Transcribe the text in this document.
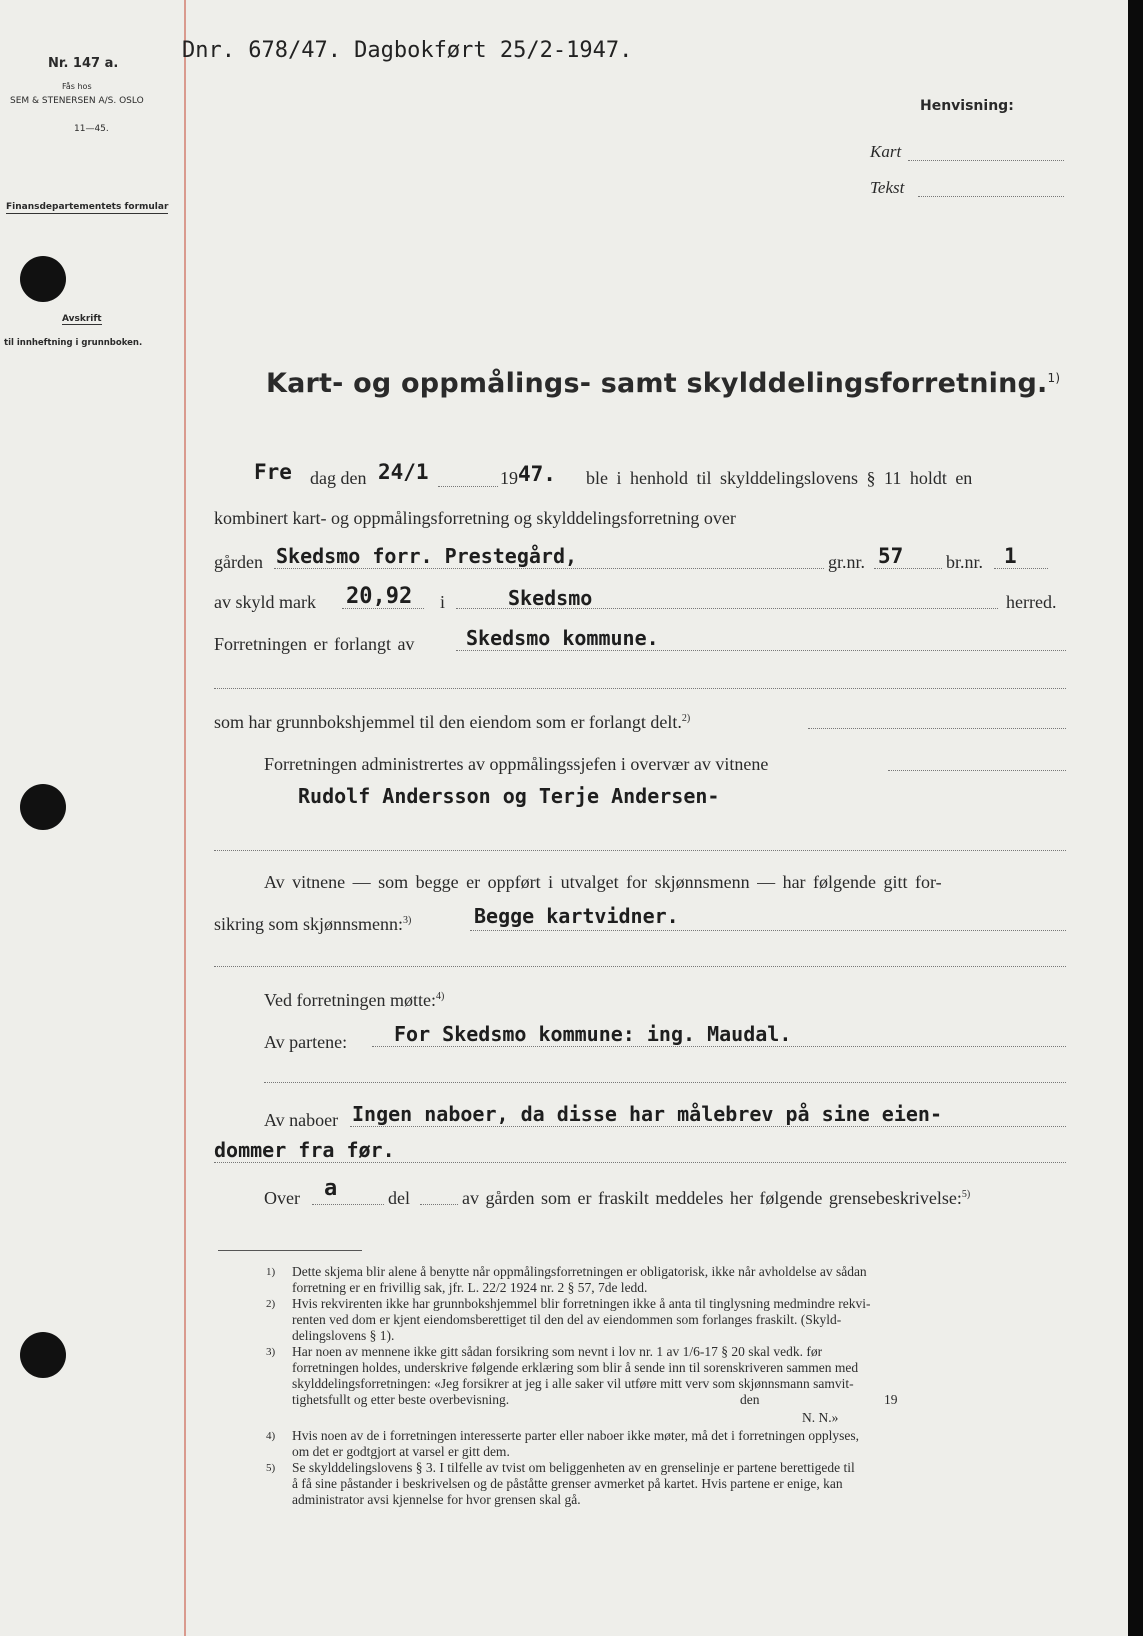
Nr. 147 a.
Fås hos
SEM & STENERSEN A/S. OSLO
11—45.
Finansdepartementets formular
Avskrift
til innheftning i grunnboken.
Dnr. 678/47. Dagbokført 25/2-1947.
Henvisning:
Kart
Tekst
Kart- og oppmålings- samt skylddelingsforretning.$^{1)}$
Fre dag den 24/1	19 47. ble i henhold til skylddelingslovens § 11 holdt en
kombinert kart- og oppmålingsforretning og skylddelingsforretning over
gården Skedsmo forr. Prestegård,	gr.nr. 57 br.nr. 1
av skyld mark 20,92 i	Skedsmo	herred.
Forretningen er forlangt av	Skedsmo kommune.
som har grunnbokshjemmel til den eiendom som er forlangt delt.$^{2)}$
Forretningen administrertes av oppmålingssjefen i overvær av vitnene
Rudolf Andersson og Terje Andersen-
Av vitnene — som begge er oppført i utvalget for skjønnsmenn — har følgende gitt for-
sikring som skjønnsmenn:$^{3)}$	Begge kartvidner.
Ved forretningen møtte:$^{4)}$
Av partene: For Skedsmo kommune: ing. Maudal.
Av naboer Ingen naboer, da disse har målebrev på sine eien-
dommer fra før.
Over a	del	av gården som er fraskilt meddeles her følgende grensebeskrivelse:$^{5)}$
1) Dette skjema blir alene å benytte når oppmålingsforretningen er obligatorisk, ikke når avholdelse av sådan
forretning er en frivillig sak, jfr. L. 22/2 1924 nr. 2 § 57, 7de ledd.
2) Hvis rekvirenten ikke har grunnbokshjemmel blir forretningen ikke å anta til tinglysning medmindre rekvi-
renten ved dom er kjent eiendomsberettiget til den del av eiendommen som forlanges fraskilt. (Skyld-
delingslovens § 1).
3) Har noen av mennene ikke gitt sådan forsikring som nevnt i lov nr. 1 av 1/6-17 § 20 skal vedk. før
forretningen holdes, underskrive følgende erklæring som blir å sende inn til sorenskriveren sammen med
skylddelingsforretningen: «Jeg forsikrer at jeg i alle saker vil utføre mitt verv som skjønnsmann samvit-
tighetsfullt og etter beste overbevisning.	den	19
N. N.»
4) Hvis noen av de i forretningen interesserte parter eller naboer ikke møter, må det i forretningen opplyses,
om det er godtgjort at varsel er gitt dem.
5) Se skylddelingslovens § 3. I tilfelle av tvist om beliggenheten av en grenselinje er partene berettigede til
å få sine påstander i beskrivelsen og de påståtte grenser avmerket på kartet. Hvis partene er enige, kan
administrator avsi kjennelse for hvor grensen skal gå.
